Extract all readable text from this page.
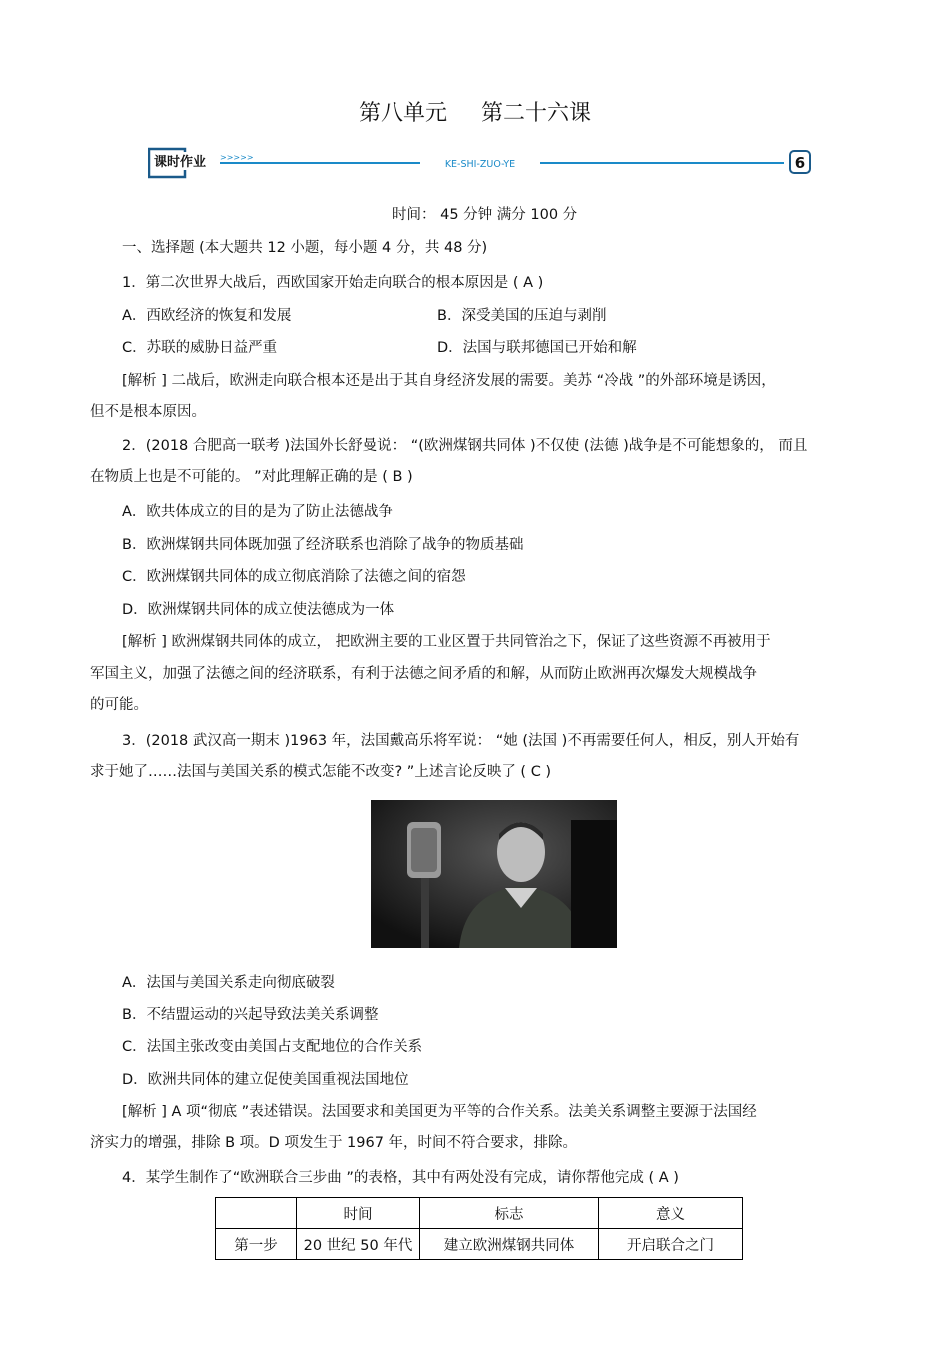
第八单元 第二十六课
课时作业 >>>>>
KE-SHI-ZUO-YE	6
时间： 45 分钟 满分 100 分
一、选择题 (本大题共 12 小题，每小题 4 分，共 48 分)
1．第二次世界大战后，西欧国家开始走向联合的根本原因是 ( A )
A．西欧经济的恢复和发展	B．深受美国的压迫与剥削
C．苏联的威胁日益严重	D．法国与联邦德国已开始和解
[解析 ] 二战后，欧洲走向联合根本还是出于其自身经济发展的需要。美苏 “冷战 ”的外部环境是诱因，
但不是根本原因。
2．(2018 合肥高一联考 )法国外长舒曼说： “(欧洲煤钢共同体 )不仅使 (法德 )战争是不可能想象的， 而且
在物质上也是不可能的。 ”对此理解正确的是 ( B )
A．欧共体成立的目的是为了防止法德战争
B．欧洲煤钢共同体既加强了经济联系也消除了战争的物质基础
C．欧洲煤钢共同体的成立彻底消除了法德之间的宿怨
D．欧洲煤钢共同体的成立使法德成为一体
[解析 ] 欧洲煤钢共同体的成立， 把欧洲主要的工业区置于共同管治之下，保证了这些资源不再被用于
军国主义，加强了法德之间的经济联系，有利于法德之间矛盾的和解，从而防止欧洲再次爆发大规模战争
的可能。
3．(2018 武汉高一期末 )1963 年，法国戴高乐将军说： “她 (法国 )不再需要任何人，相反，别人开始有
求于她了……法国与美国关系的模式怎能不改变? ”上述言论反映了 ( C )
A．法国与美国关系走向彻底破裂
B．不结盟运动的兴起导致法美关系调整
C．法国主张改变由美国占支配地位的合作关系
D．欧洲共同体的建立促使美国重视法国地位
[解析 ] A 项“彻底 ”表述错误。法国要求和美国更为平等的合作关系。法美关系调整主要源于法国经
济实力的增强，排除 B 项。D 项发生于 1967 年，时间不符合要求，排除。
4．某学生制作了“欧洲联合三步曲 ”的表格，其中有两处没有完成，请你帮他完成 ( A )
	时间	标志	意义
第一步	20 世纪 50 年代	建立欧洲煤钢共同体	开启联合之门
